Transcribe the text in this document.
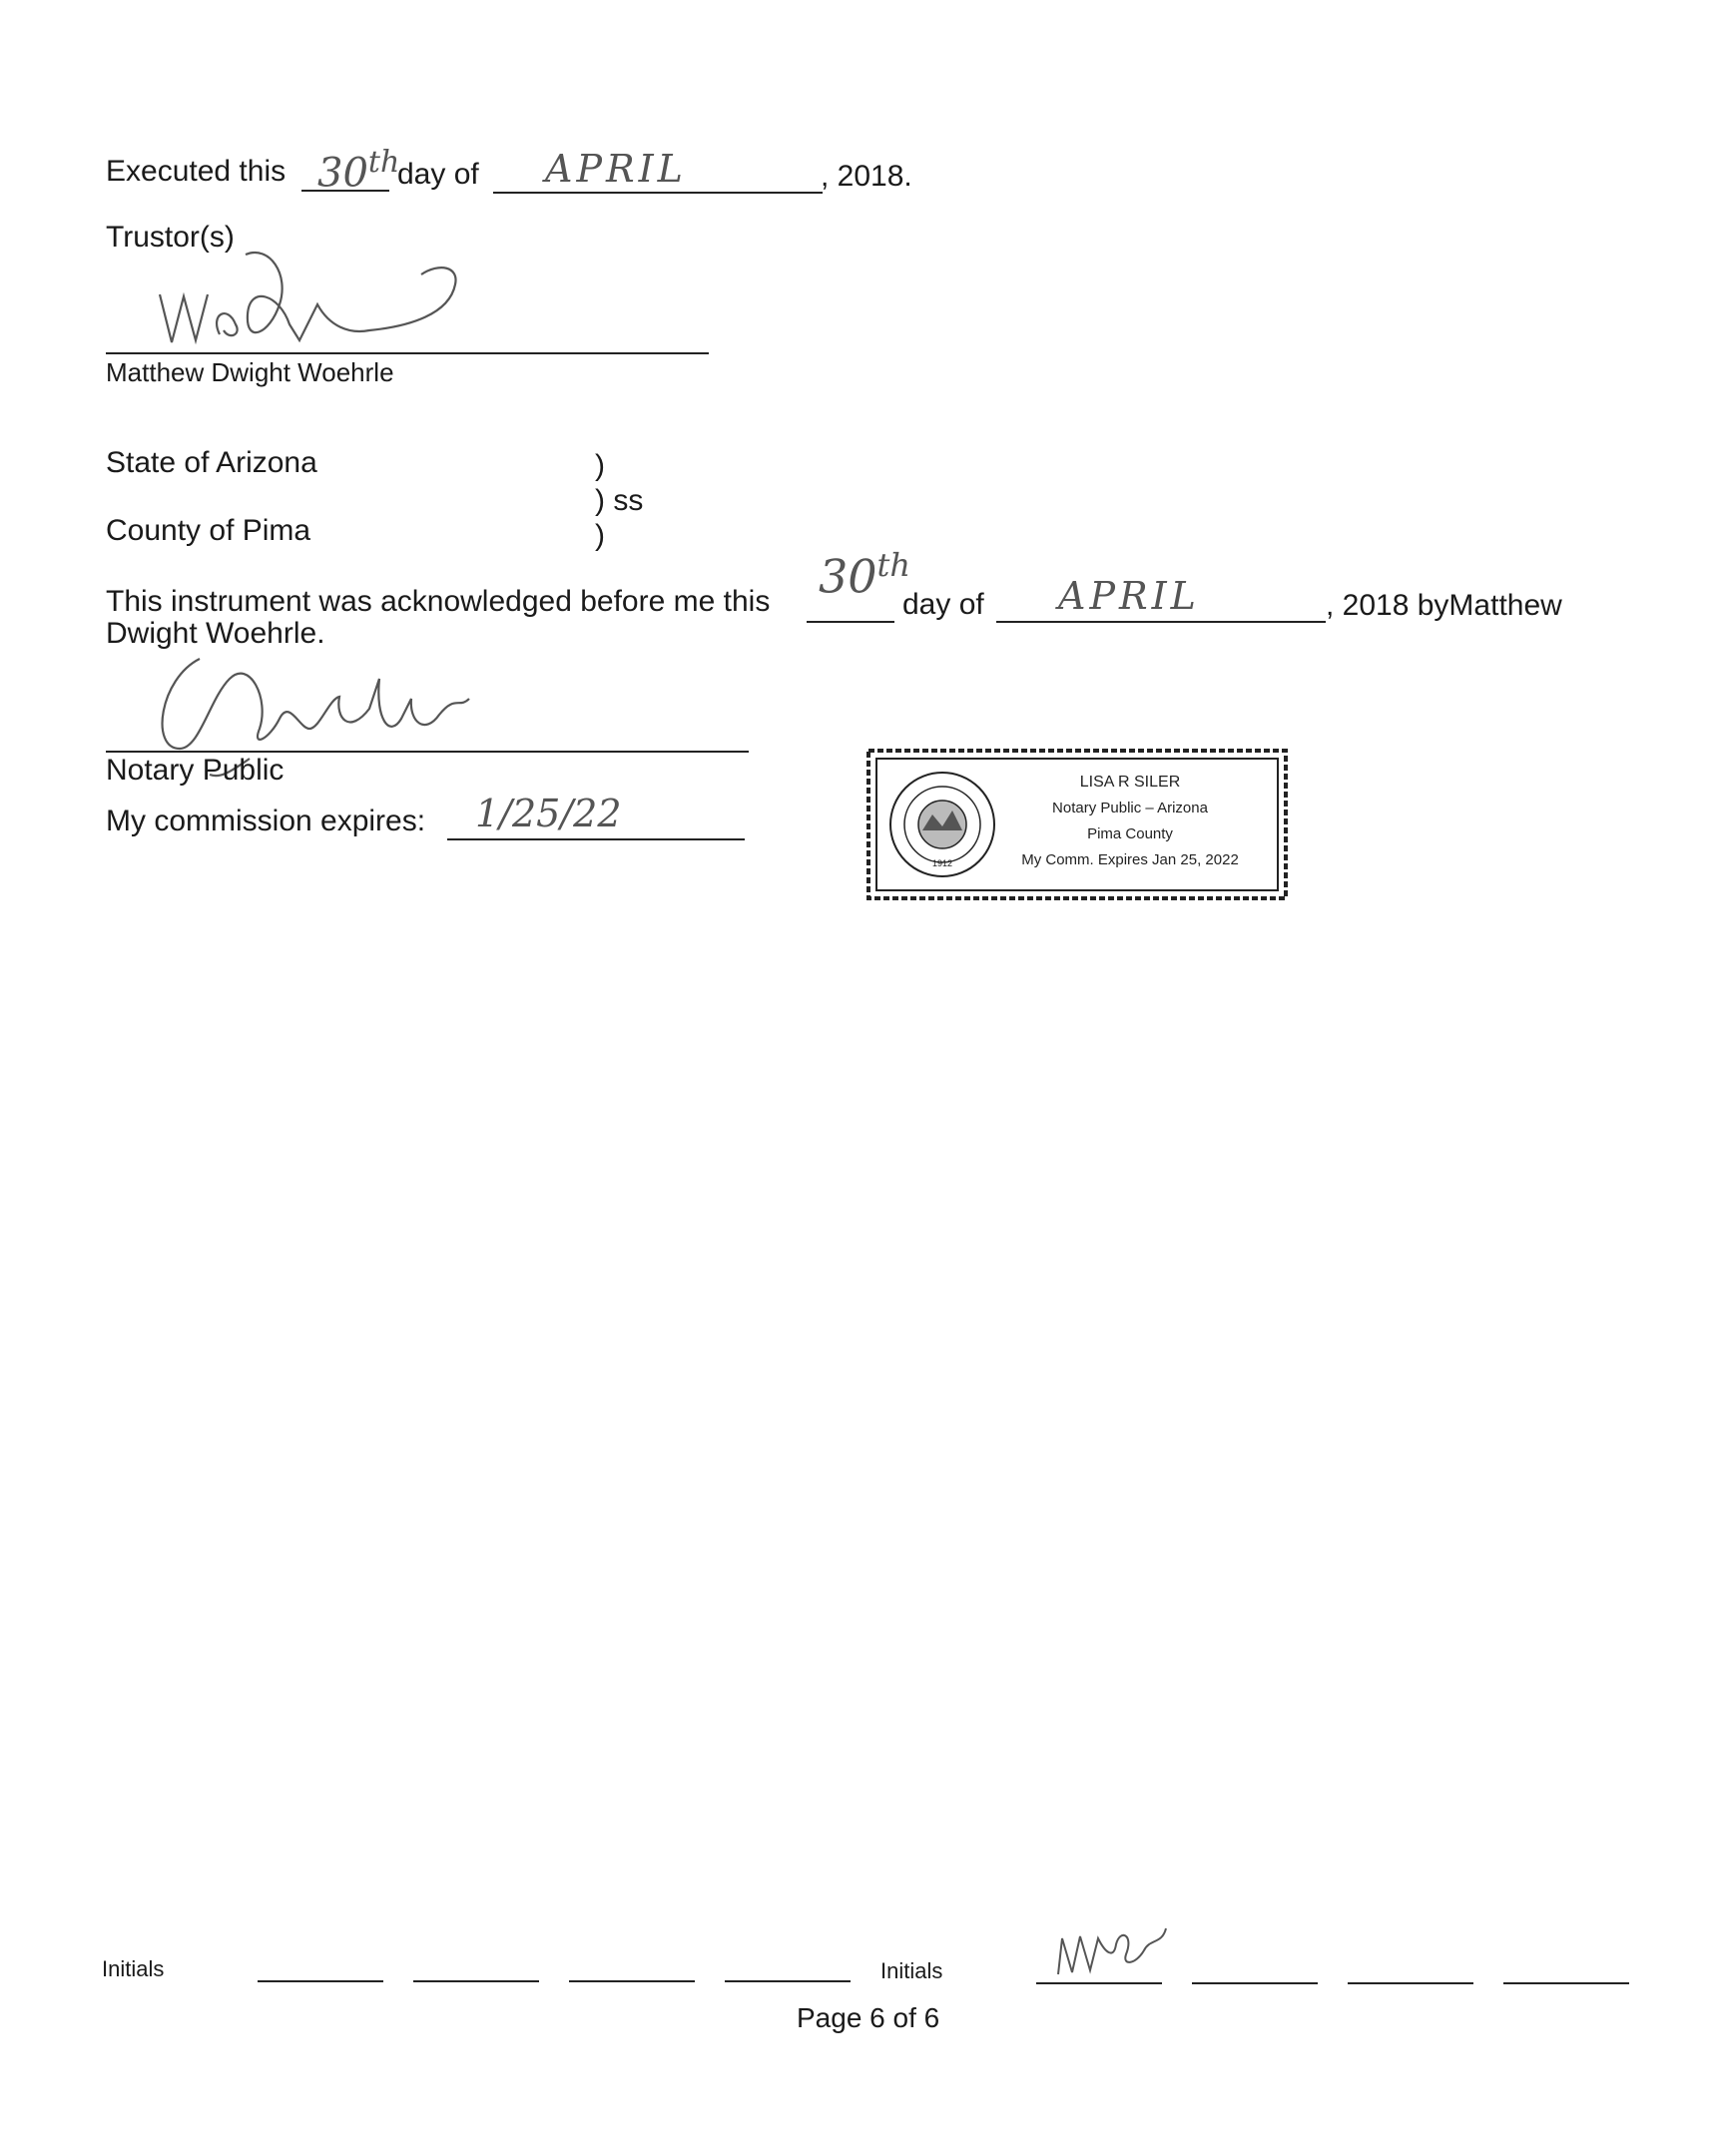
Executed this 30th
day of APRIL	, 2018.
Trustor(s)
Matthew Dwight Woehrle
State of Arizona	)
) ss
County of Pima	)
This instrument was acknowledged before me this 30th
day of APRIL	, 2018 byMatthew
Dwight Woehrle.
Notary Public
My commission expires: 1/25/22
1912
LISA R SILER
Notary Public – Arizona
Pima County
My Comm. Expires Jan 25, 2022
Initials	Initials
Page 6 of 6
